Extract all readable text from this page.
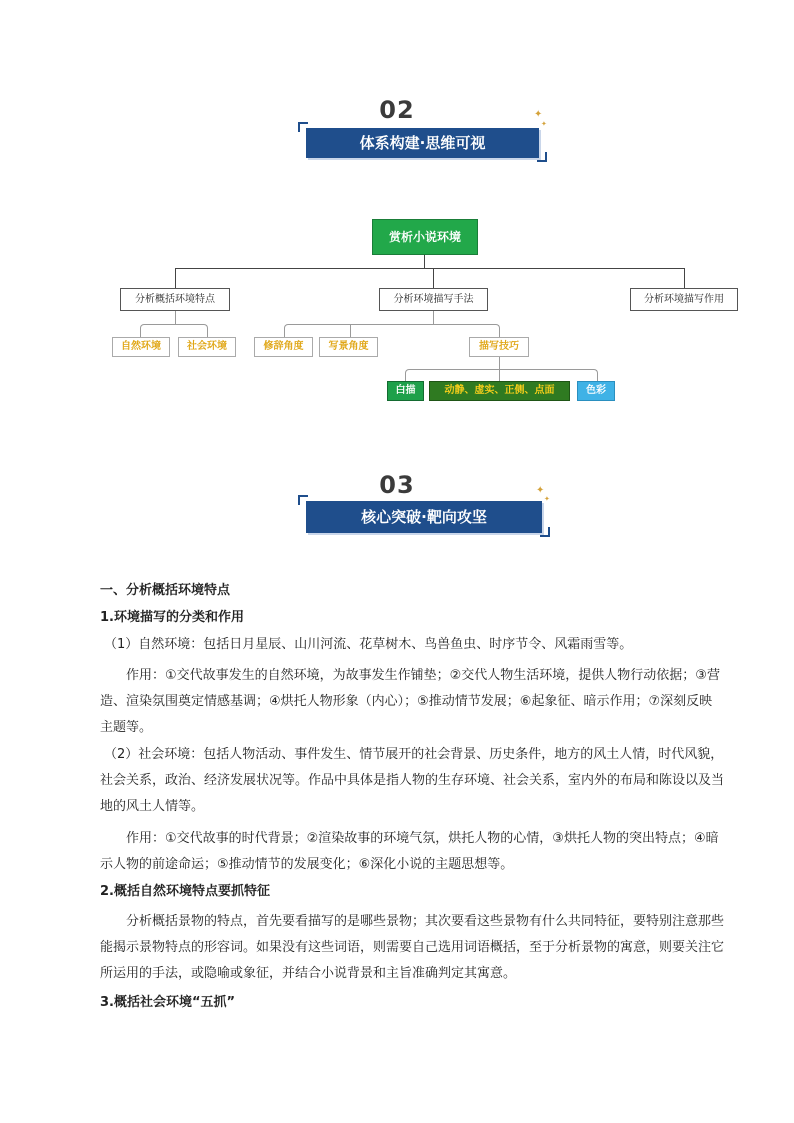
02
体系构建·思维可视
✦
✦
赏析小说环境
分析概括环境特点	分析环境描写手法	分析环境描写作用
自然环境	社会环境	修辞角度	写景角度	描写技巧
白描	动静、虚实、正侧、点面	色彩
03
核心突破·靶向攻坚
✦
✦
一、分析概括环境特点
1.环境描写的分类和作用
（1）自然环境：包括日月星辰、山川河流、花草树木、鸟兽鱼虫、时序节令、风霜雨雪等。
作用：①交代故事发生的自然环境，为故事发生作铺垫；②交代人物生活环境，提供人物行动依据；③营造、渲染氛围奠定情感基调；④烘托人物形象（内心）；⑤推动情节发展；⑥起象征、暗示作用；⑦深刻反映主题等。
（2）社会环境：包括人物活动、事件发生、情节展开的社会背景、历史条件，地方的风土人情，时代风貌，社会关系，政治、经济发展状况等。作品中具体是指人物的生存环境、社会关系，室内外的布局和陈设以及当地的风土人情等。
作用：①交代故事的时代背景；②渲染故事的环境气氛，烘托人物的心情，③烘托人物的突出特点；④暗示人物的前途命运；⑤推动情节的发展变化；⑥深化小说的主题思想等。
2.概括自然环境特点要抓特征
分析概括景物的特点，首先要看描写的是哪些景物；其次要看这些景物有什么共同特征，要特别注意那些能揭示景物特点的形容词。如果没有这些词语，则需要自己选用词语概括，至于分析景物的寓意，则要关注它所运用的手法，或隐喻或象征，并结合小说背景和主旨准确判定其寓意。
3.概括社会环境“五抓”
